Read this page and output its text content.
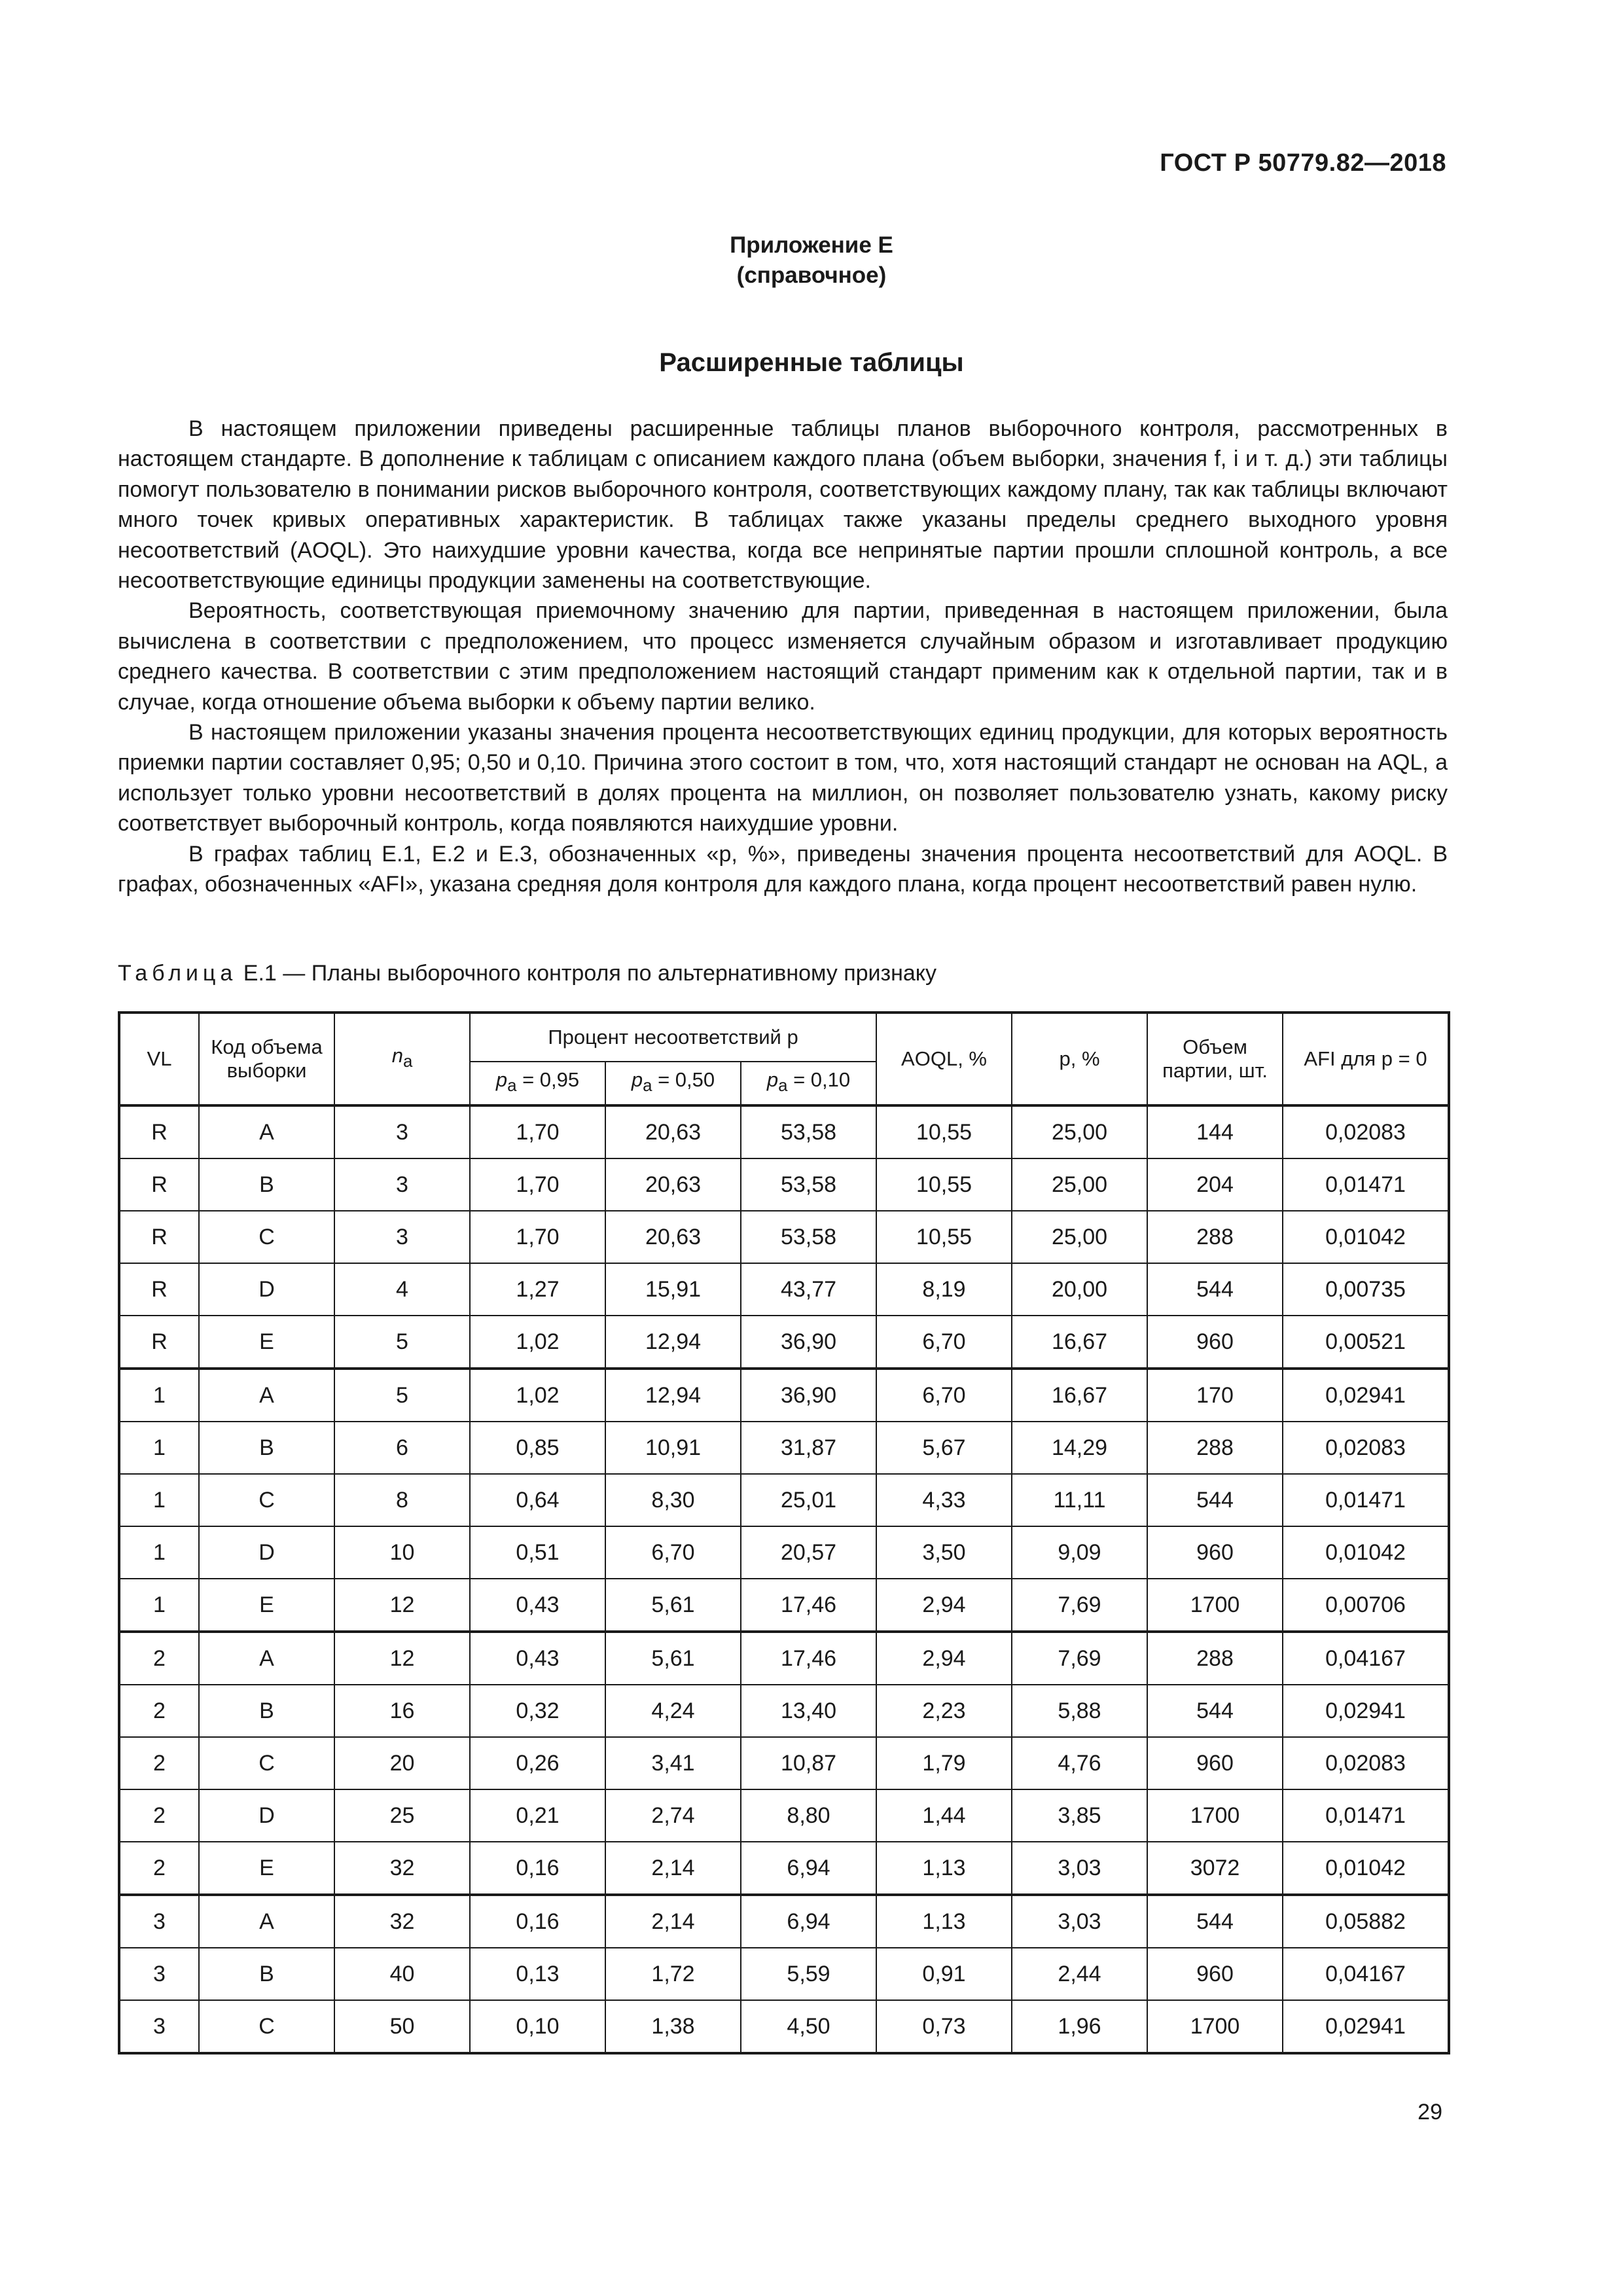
ГОСТ Р 50779.82—2018
Приложение Е
(справочное)
Расширенные таблицы

В настоящем приложении приведены расширенные таблицы планов выборочного контроля, рассмотренных в настоящем стандарте. В дополнение к таблицам с описанием каждого плана (объем выборки, значения f, i и т. д.) эти таблицы помогут пользователю в понимании рисков выборочного контроля, соответствующих каждому плану, так как таблицы включают много точек кривых оперативных характеристик. В таблицах также указаны пределы среднего выходного уровня несоответствий (AOQL). Это наихудшие уровни качества, когда все непринятые партии прошли сплошной контроль, а все несоответствующие единицы продукции заменены на соответствующие.

Вероятность, соответствующая приемочному значению для партии, приведенная в настоящем приложении, была вычислена в соответствии с предположением, что процесс изменяется случайным образом и изготавливает продукцию среднего качества. В соответствии с этим предположением настоящий стандарт применим как к отдельной партии, так и в случае, когда отношение объема выборки к объему партии велико.

В настоящем приложении указаны значения процента несоответствующих единиц продукции, для которых вероятность приемки партии составляет 0,95; 0,50 и 0,10. Причина этого состоит в том, что, хотя настоящий стандарт не основан на AQL, а использует только уровни несоответствий в долях процента на миллион, он позволяет пользователю узнать, какому риску соответствует выборочный контроль, когда появляются наихудшие уровни.

В графах таблиц Е.1, Е.2 и Е.3, обозначенных «p, %», приведены значения процента несоответствий для AOQL. В графах, обозначенных «AFI», указана средняя доля контроля для каждого плана, когда процент несоответствий равен нулю.

Таблица Е.1 — Планы выборочного контроля по альтернативному признаку
VL	Код объема выборки	$n_a$	Процент несоответствий p			AOQL, %	p, %	Объем партии, шт.	AFI для p = 0
			$p_a = 0,95$	$p_a = 0,50$	$p_a = 0,10$				
R	A	3	1,70	20,63	53,58	10,55	25,00	144	0,02083
R	B	3	1,70	20,63	53,58	10,55	25,00	204	0,01471
R	C	3	1,70	20,63	53,58	10,55	25,00	288	0,01042
R	D	4	1,27	15,91	43,77	8,19	20,00	544	0,00735
R	E	5	1,02	12,94	36,90	6,70	16,67	960	0,00521
1	A	5	1,02	12,94	36,90	6,70	16,67	170	0,02941
1	B	6	0,85	10,91	31,87	5,67	14,29	288	0,02083
1	C	8	0,64	8,30	25,01	4,33	11,11	544	0,01471
1	D	10	0,51	6,70	20,57	3,50	9,09	960	0,01042
1	E	12	0,43	5,61	17,46	2,94	7,69	1700	0,00706
2	A	12	0,43	5,61	17,46	2,94	7,69	288	0,04167
2	B	16	0,32	4,24	13,40	2,23	5,88	544	0,02941
2	C	20	0,26	3,41	10,87	1,79	4,76	960	0,02083
2	D	25	0,21	2,74	8,80	1,44	3,85	1700	0,01471
2	E	32	0,16	2,14	6,94	1,13	3,03	3072	0,01042
3	A	32	0,16	2,14	6,94	1,13	3,03	544	0,05882
3	B	40	0,13	1,72	5,59	0,91	2,44	960	0,04167
3	C	50	0,10	1,38	4,50	0,73	1,96	1700	0,02941
29
